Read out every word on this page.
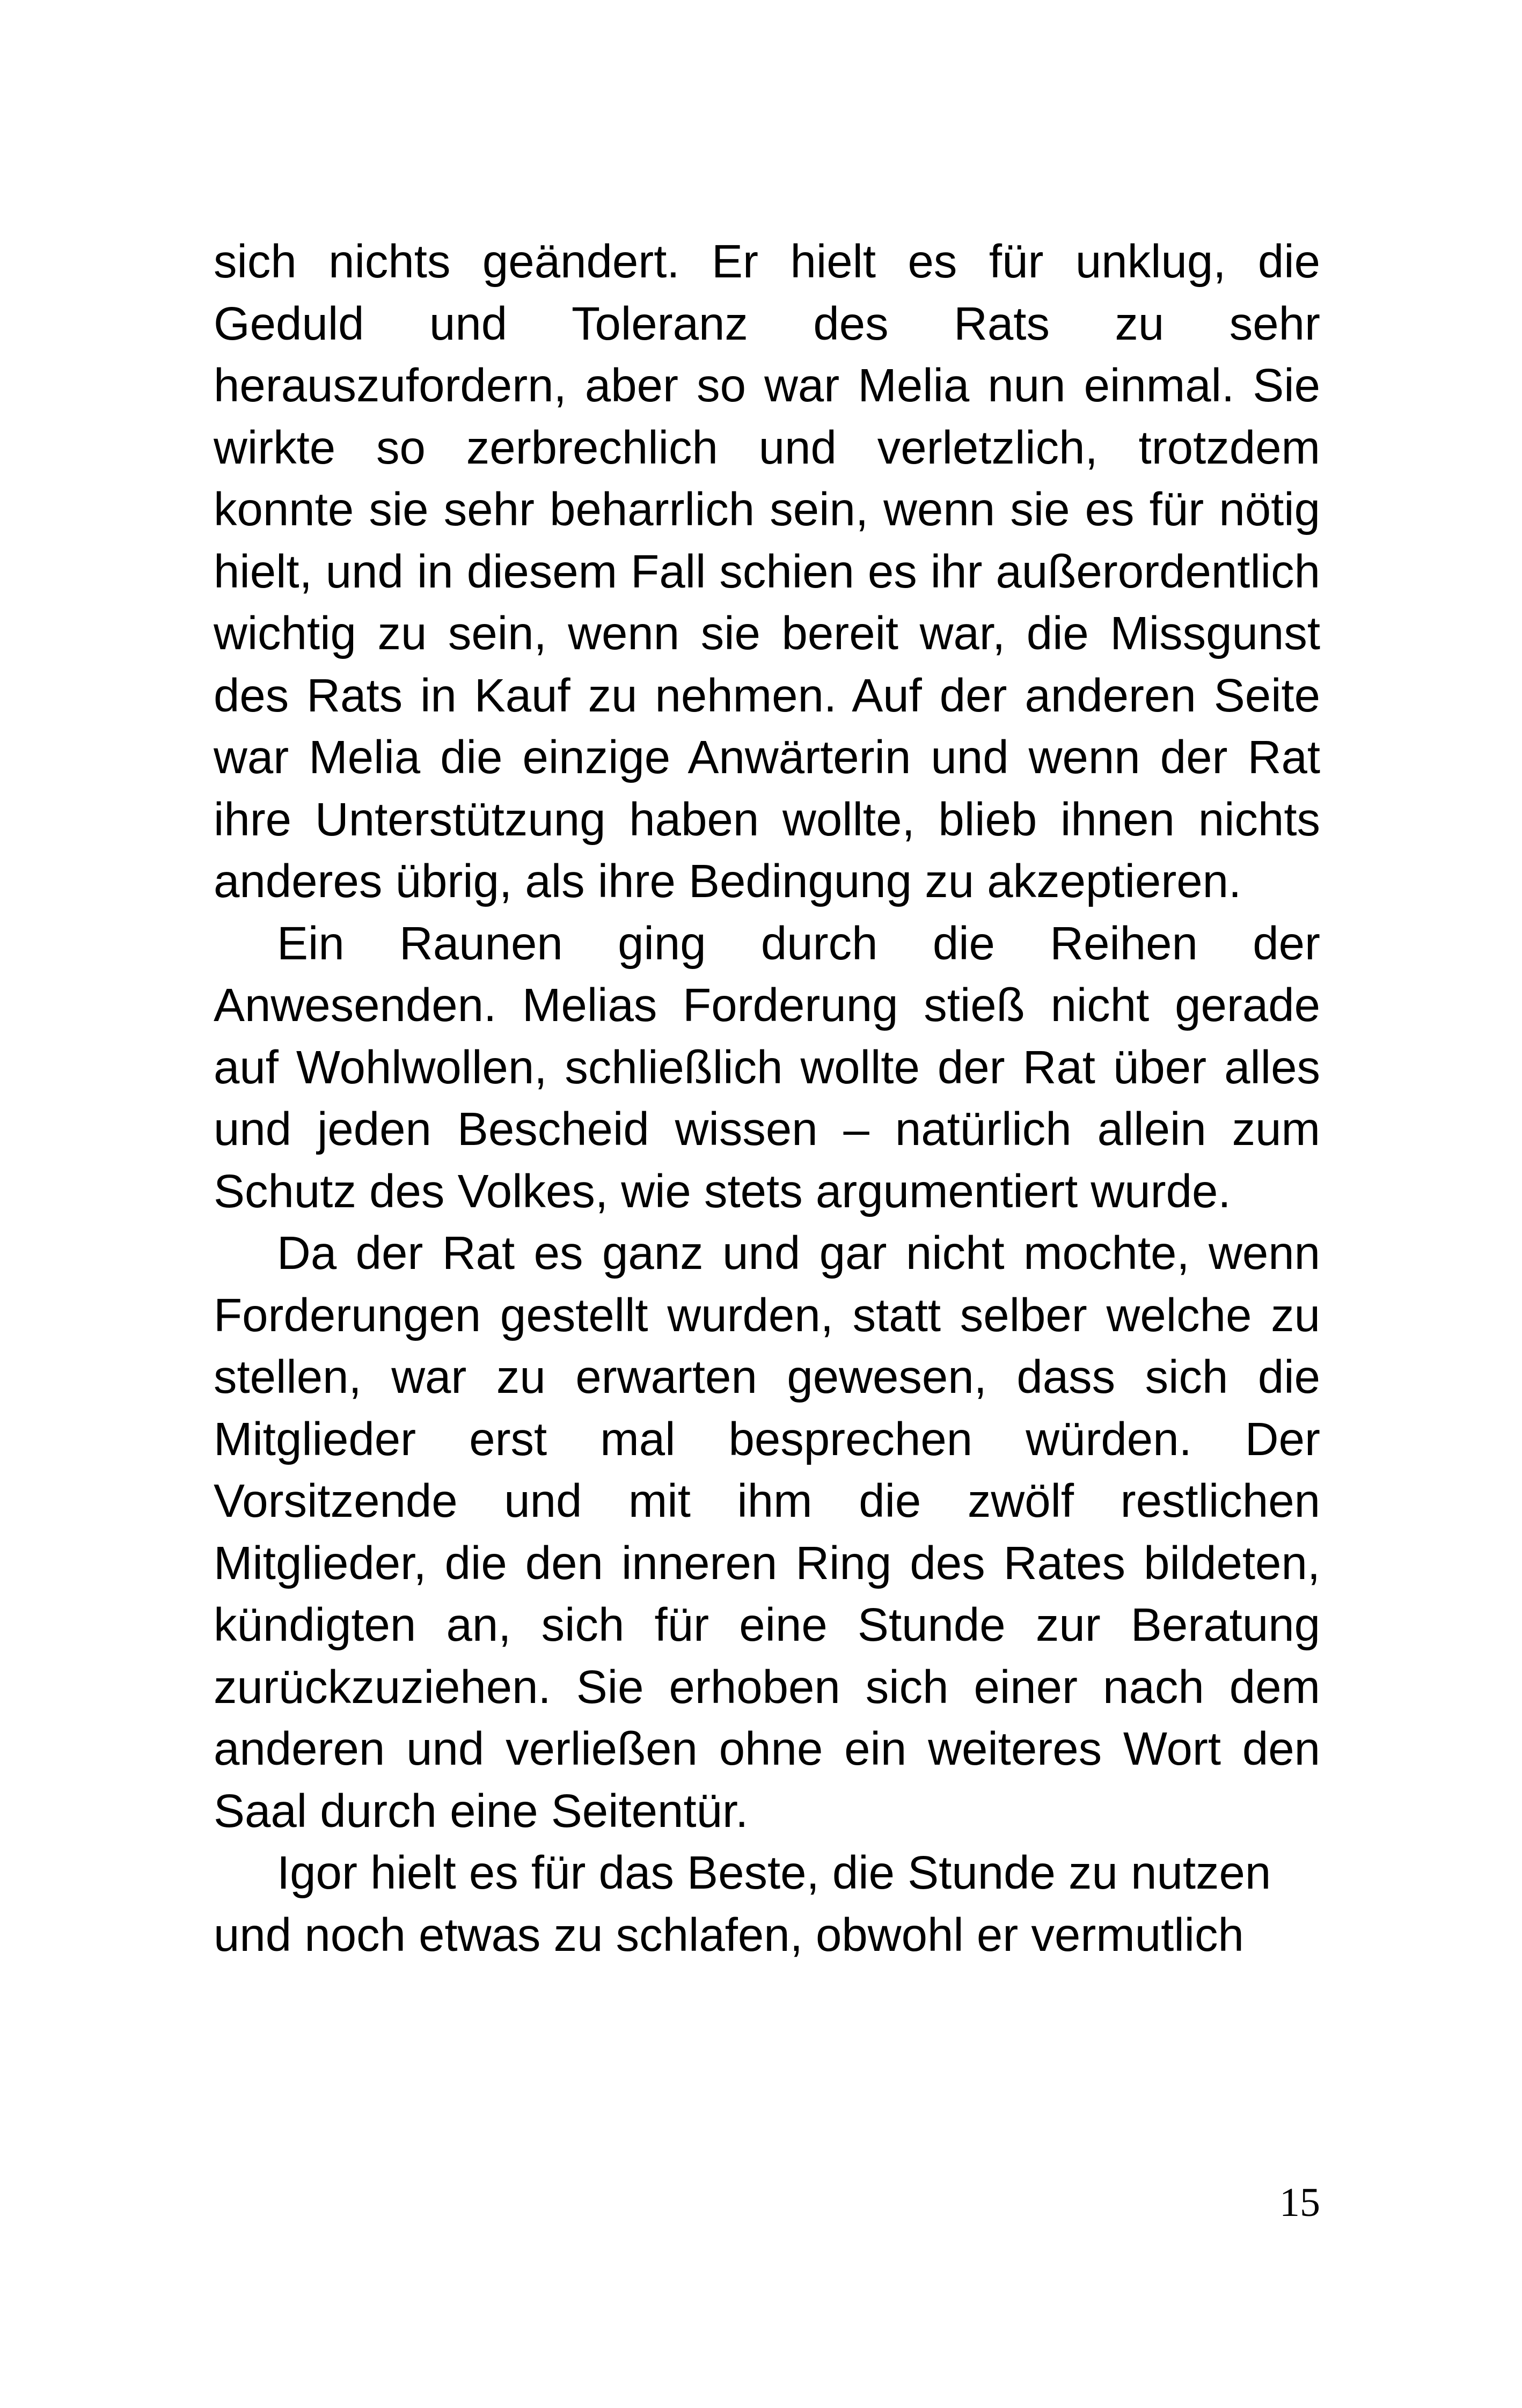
sich nichts geändert. Er hielt es für unklug, die Geduld und Toleranz des Rats zu sehr herauszufordern, aber so war Melia nun einmal. Sie wirkte so zerbrechlich und verletzlich, trotzdem konnte sie sehr beharrlich sein, wenn sie es für nötig hielt, und in diesem Fall schien es ihr außerordentlich wichtig zu sein, wenn sie bereit war, die Missgunst des Rats in Kauf zu nehmen. Auf der anderen Seite war Melia die einzige Anwärterin und wenn der Rat ihre Unterstützung haben wollte, blieb ihnen nichts anderes übrig, als ihre Bedingung zu akzeptieren.

Ein Raunen ging durch die Reihen der Anwesenden. Melias Forderung stieß nicht gerade auf Wohlwollen, schließlich wollte der Rat über alles und jeden Bescheid wissen – natürlich allein zum Schutz des Volkes, wie stets argumentiert wurde.

Da der Rat es ganz und gar nicht mochte, wenn Forderungen gestellt wurden, statt selber welche zu stellen, war zu erwarten gewesen, dass sich die Mitglieder erst mal besprechen würden. Der Vorsitzende und mit ihm die zwölf restlichen Mitglieder, die den inneren Ring des Rates bildeten, kündigten an, sich für eine Stunde zur Beratung zurückzuziehen. Sie erhoben sich einer nach dem anderen und verließen ohne ein weiteres Wort den Saal durch eine Seitentür.

Igor hielt es für das Beste, die Stunde zu nutzen und noch etwas zu schlafen, obwohl er vermutlich

15
